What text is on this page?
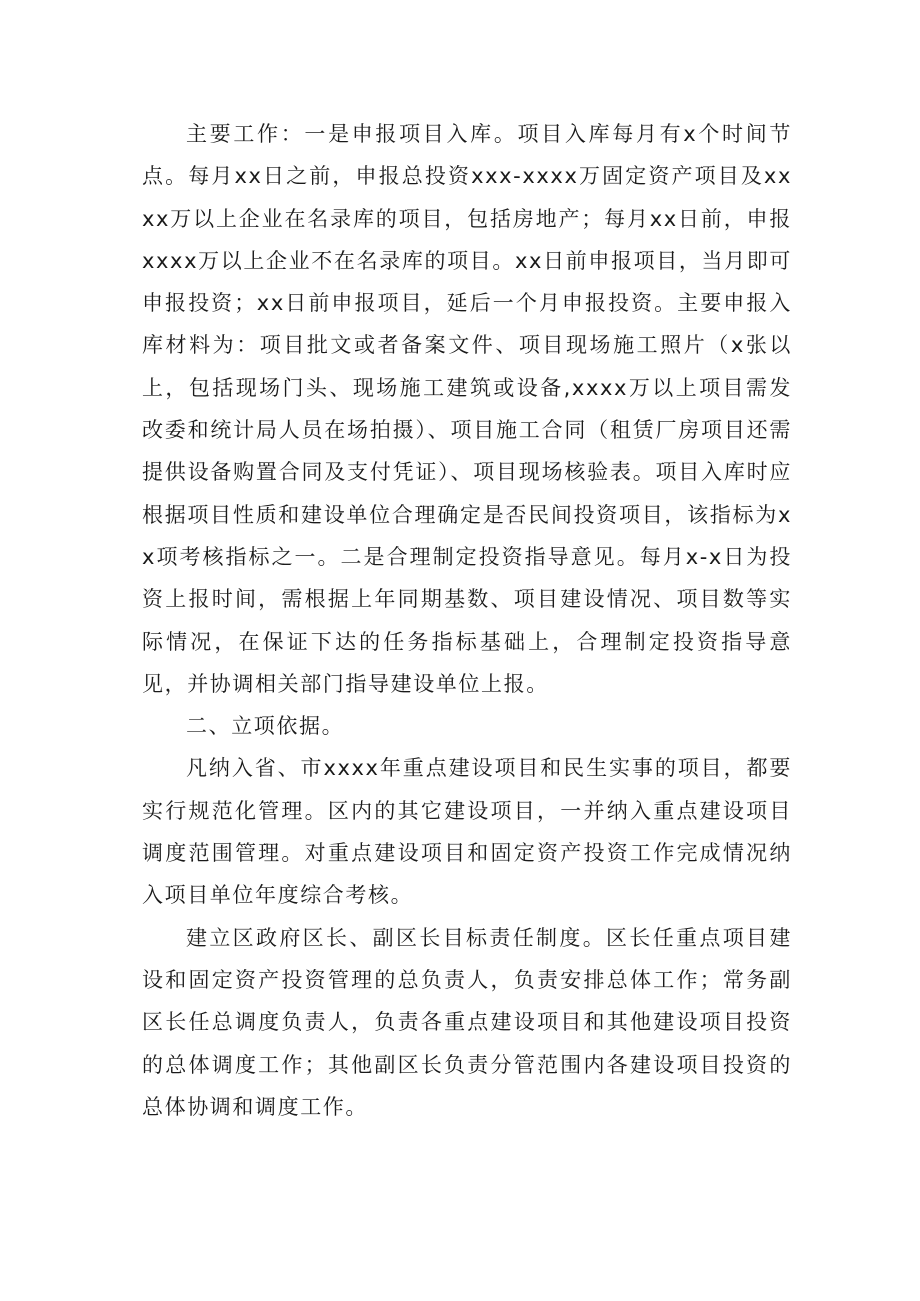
主要工作：一是申报项目入库。项目入库每月有x个时间节点。每月xx日之前，申报总投资xxx-xxxx万固定资产项目及xxxx万以上企业在名录库的项目，包括房地产；每月xx日前，申报xxxx万以上企业不在名录库的项目。xx日前申报项目，当月即可申报投资；xx日前申报项目，延后一个月申报投资。主要申报入库材料为：项目批文或者备案文件、项目现场施工照片（x张以上，包括现场门头、现场施工建筑或设备,xxxx万以上项目需发改委和统计局人员在场拍摄）、项目施工合同（租赁厂房项目还需提供设备购置合同及支付凭证）、项目现场核验表。项目入库时应根据项目性质和建设单位合理确定是否民间投资项目，该指标为xx项考核指标之一。二是合理制定投资指导意见。每月x-x日为投资上报时间，需根据上年同期基数、项目建设情况、项目数等实际情况，在保证下达的任务指标基础上，合理制定投资指导意见，并协调相关部门指导建设单位上报。

二、立项依据。

凡纳入省、市xxxx年重点建设项目和民生实事的项目，都要实行规范化管理。区内的其它建设项目，一并纳入重点建设项目调度范围管理。对重点建设项目和固定资产投资工作完成情况纳入项目单位年度综合考核。

建立区政府区长、副区长目标责任制度。区长任重点项目建设和固定资产投资管理的总负责人，负责安排总体工作；常务副区长任总调度负责人，负责各重点建设项目和其他建设项目投资的总体调度工作；其他副区长负责分管范围内各建设项目投资的总体协调和调度工作。
